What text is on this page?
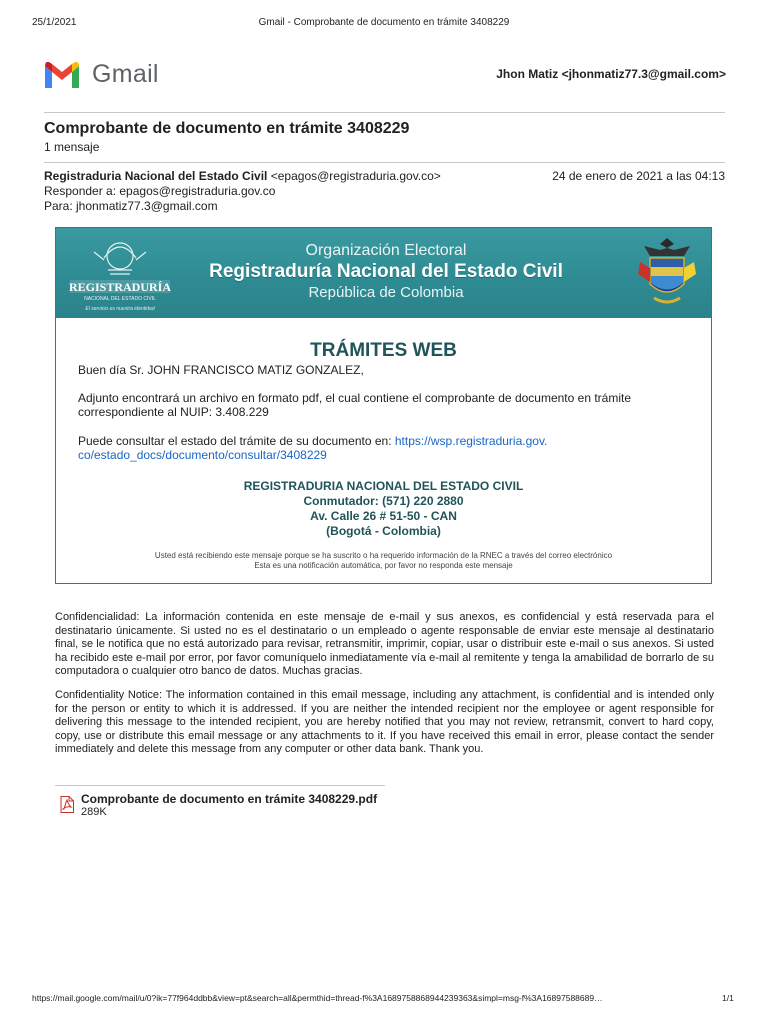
25/1/2021	Gmail - Comprobante de documento en trámite 3408229
Gmail	Jhon Matiz <jhonmatiz77.3@gmail.com>
Comprobante de documento en trámite 3408229
1 mensaje
Registraduria Nacional del Estado Civil <epagos@registraduria.gov.co>	24 de enero de 2021 a las 04:13
Responder a: epagos@registraduria.gov.co
Para: jhonmatiz77.3@gmail.com
REGISTRADURÍA
NACIONAL DEL ESTADO CIVIL
El servicio es nuestra identidad
Organización Electoral
Registraduría Nacional del Estado Civil
República de Colombia
TRÁMITES WEB
Buen día Sr. JOHN FRANCISCO MATIZ GONZALEZ,
Adjunto encontrará un archivo en formato pdf, el cual contiene el comprobante de documento en trámite
correspondiente al NUIP: 3.408.229
Puede consultar el estado del trámite de su documento en: https://wsp.registraduria.gov.
co/estado_docs/documento/consultar/3408229
REGISTRADURIA NACIONAL DEL ESTADO CIVIL
Conmutador: (571) 220 2880
Av. Calle 26 # 51-50 - CAN
(Bogotá - Colombia)
Usted está recibiendo este mensaje porque se ha suscrito o ha requerido información de la RNEC a través del correo electrónico
Esta es una notificación automática, por favor no responda este mensaje
Confidencialidad: La información contenida en este mensaje de e-mail y sus anexos, es confidencial y está reservada para el destinatario únicamente. Si usted no es el destinatario o un empleado o agente responsable de enviar este mensaje al destinatario final, se le notifica que no está autorizado para revisar, retransmitir, imprimir, copiar, usar o distribuir este e-mail o sus anexos. Si usted ha recibido este e-mail por error, por favor comuníquelo inmediatamente vía e-mail al remitente y tenga la amabilidad de borrarlo de su computadora o cualquier otro banco de datos. Muchas gracias.
Confidentiality Notice: The information contained in this email message, including any attachment, is confidential and is intended only for the person or entity to which it is addressed. If you are neither the intended recipient nor the employee or agent responsible for delivering this message to the intended recipient, you are hereby notified that you may not review, retransmit, convert to hard copy, copy, use or distribute this email message or any attachments to it. If you have received this email in error, please contact the sender immediately and delete this message from any computer or other data bank. Thank you.
Comprobante de documento en trámite 3408229.pdf
289K
https://mail.google.com/mail/u/0?ik=77f964ddbb&view=pt&search=all&permthid=thread-f%3A1689758868944239363&simpl=msg-f%3A16897588689…	1/1
